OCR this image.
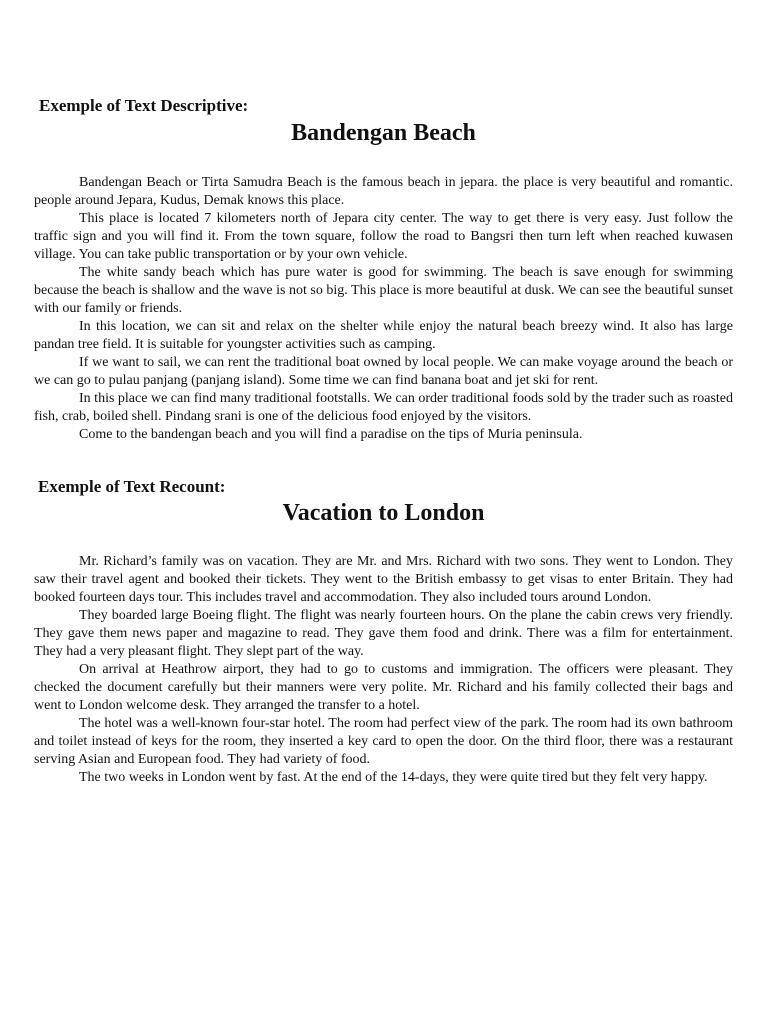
Exemple of Text Descriptive:
Bandengan Beach

Bandengan Beach or Tirta Samudra Beach is the famous beach in jepara. the place is very beautiful and romantic. people around Jepara, Kudus, Demak knows this place.

This place is located 7 kilometers north of Jepara city center. The way to get there is very easy. Just follow the traffic sign and you will find it. From the town square, follow the road to Bangsri then turn left when reached kuwasen village. You can take public transportation or by your own vehicle.

The white sandy beach which has pure water is good for swimming. The beach is save enough for swimming because the beach is shallow and the wave is not so big. This place is more beautiful at dusk. We can see the beautiful sunset with our family or friends.

In this location, we can sit and relax on the shelter while enjoy the natural beach breezy wind. It also has large pandan tree field. It is suitable for youngster activities such as camping.

If we want to sail, we can rent the traditional boat owned by local people. We can make voyage around the beach or we can go to pulau panjang (panjang island). Some time we can find banana boat and jet ski for rent.

In this place we can find many traditional footstalls. We can order traditional foods sold by the trader such as roasted fish, crab, boiled shell. Pindang srani is one of the delicious food enjoyed by the visitors.

Come to the bandengan beach and you will find a paradise on the tips of Muria peninsula.

Exemple of Text Recount:
Vacation to London

Mr. Richard’s family was on vacation. They are Mr. and Mrs. Richard with two sons. They went to London. They saw their travel agent and booked their tickets. They went to the British embassy to get visas to enter Britain. They had booked fourteen days tour. This includes travel and accommodation. They also included tours around London.

They boarded large Boeing flight. The flight was nearly fourteen hours. On the plane the cabin crews very friendly. They gave them news paper and magazine to read. They gave them food and drink. There was a film for entertainment. They had a very pleasant flight. They slept part of the way.

On arrival at Heathrow airport, they had to go to customs and immigration. The officers were pleasant. They checked the document carefully but their manners were very polite. Mr. Richard and his family collected their bags and went to London welcome desk. They arranged the transfer to a hotel.

The hotel was a well-known four-star hotel. The room had perfect view of the park. The room had its own bathroom and toilet instead of keys for the room, they inserted a key card to open the door. On the third floor, there was a restaurant serving Asian and European food. They had variety of food.

The two weeks in London went by fast. At the end of the 14-days, they were quite tired but they felt very happy.
